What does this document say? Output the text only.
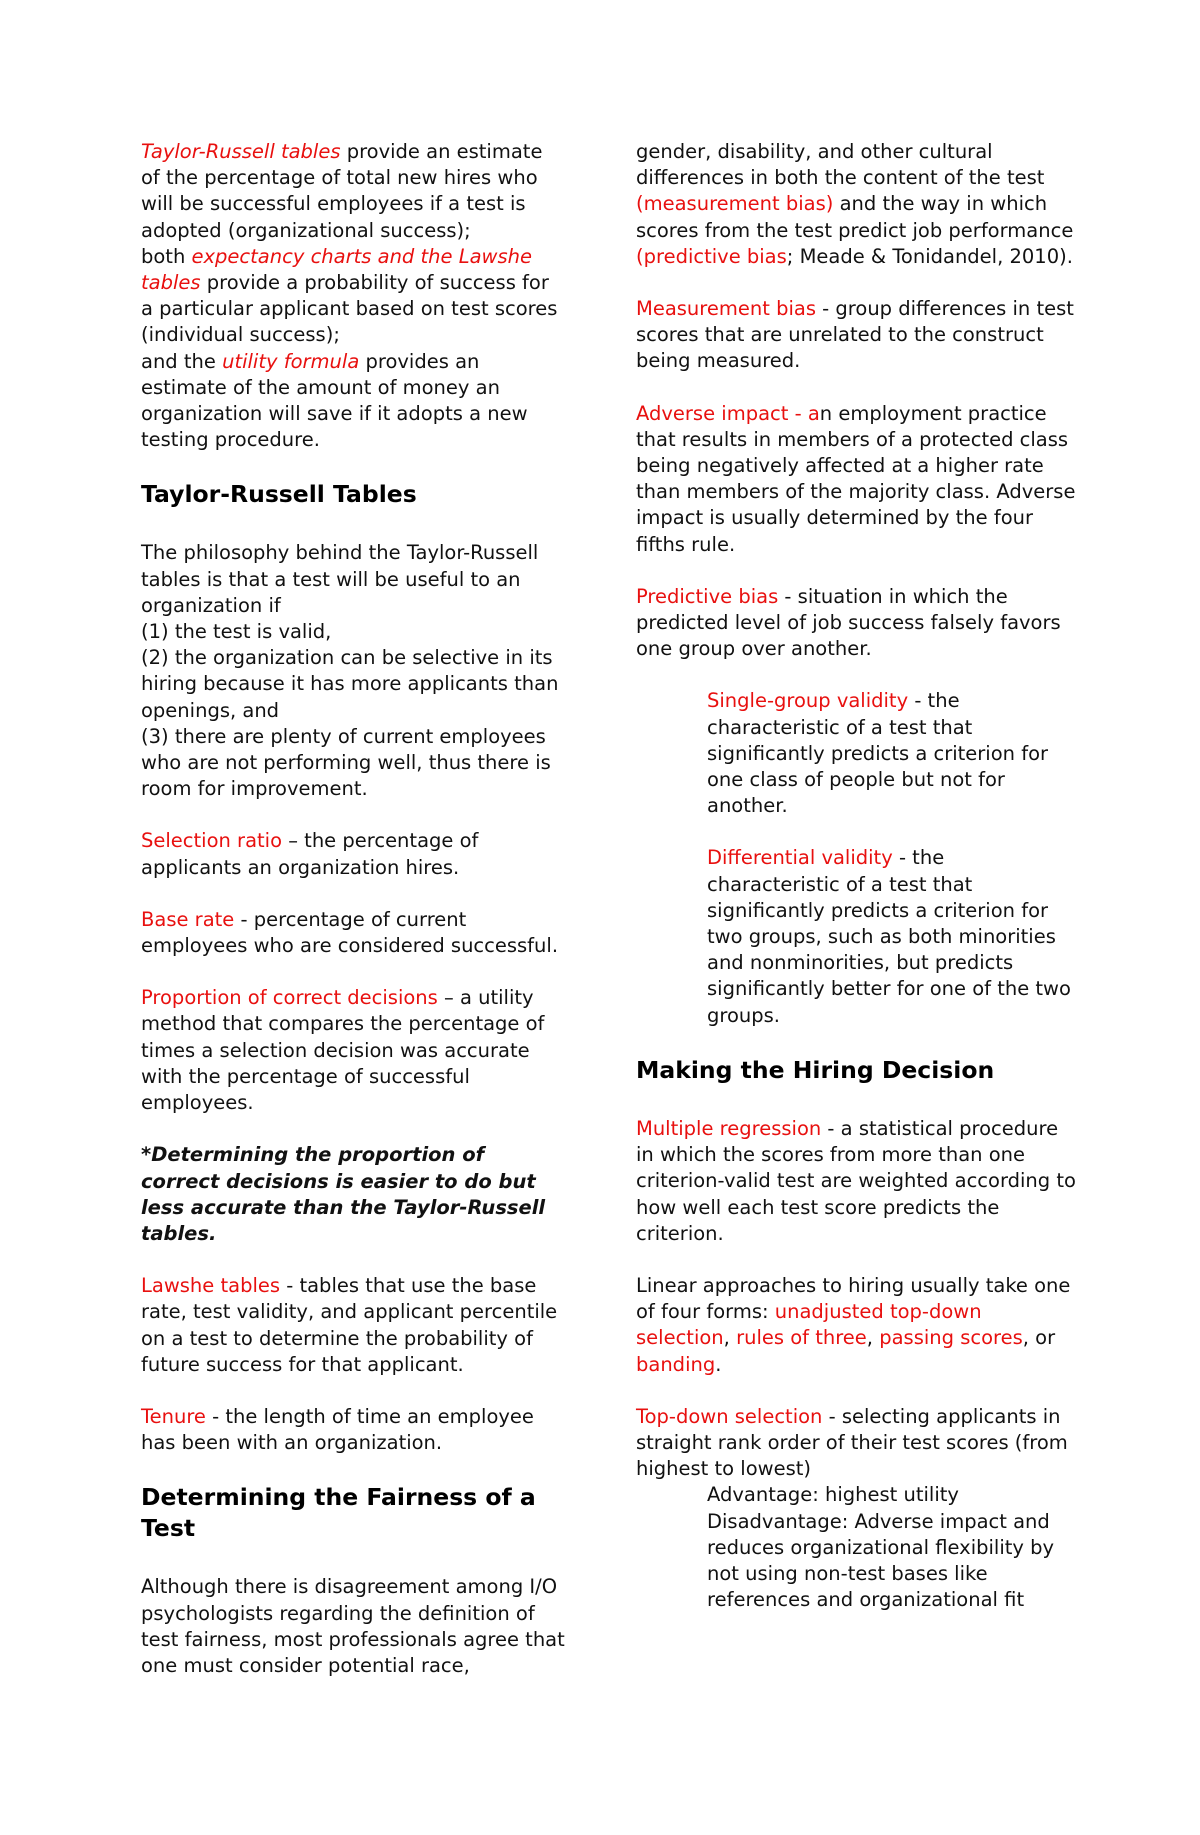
Taylor-Russell tables provide an estimate of the percentage of total new hires who will be successful employees if a test is adopted (organizational success);
both expectancy charts and the Lawshe tables provide a probability of success for a particular applicant based on test scores (individual success);
and the utility formula provides an estimate of the amount of money an organization will save if it adopts a new testing procedure.

Taylor-Russell Tables

The philosophy behind the Taylor-Russell tables is that a test will be useful to an organization if
(1) the test is valid,
(2) the organization can be selective in its hiring because it has more applicants than openings, and
(3) there are plenty of current employees who are not performing well, thus there is room for improvement.

Selection ratio – the percentage of applicants an organization hires.

Base rate - percentage of current employees who are considered successful.

Proportion of correct decisions – a utility method that compares the percentage of times a selection decision was accurate with the percentage of successful employees.

*Determining the proportion of correct decisions is easier to do but less accurate than the Taylor-Russell tables.

Lawshe tables - tables that use the base rate, test validity, and applicant percentile on a test to determine the probability of future success for that applicant.

Tenure - the length of time an employee has been with an organization.

Determining the Fairness of a Test

Although there is disagreement among I/O psychologists regarding the definition of test fairness, most professionals agree that one must consider potential race,

gender, disability, and other cultural differences in both the content of the test (measurement bias) and the way in which scores from the test predict job performance (predictive bias; Meade & Tonidandel, 2010).

Measurement bias - group differences in test scores that are unrelated to the construct being measured.

Adverse impact - an employment practice that results in members of a protected class being negatively affected at a higher rate than members of the majority class. Adverse impact is usually determined by the four fifths rule.

Predictive bias - situation in which the predicted level of job success falsely favors one group over another.

Single-group validity - the characteristic of a test that significantly predicts a criterion for one class of people but not for another.

Differential validity - the characteristic of a test that significantly predicts a criterion for two groups, such as both minorities and nonminorities, but predicts significantly better for one of the two groups.

Making the Hiring Decision

Multiple regression - a statistical procedure in which the scores from more than one criterion-valid test are weighted according to how well each test score predicts the criterion.

Linear approaches to hiring usually take one of four forms: unadjusted top-down selection, rules of three, passing scores, or banding.

Top-down selection - selecting applicants in straight rank order of their test scores (from highest to lowest)

Advantage: highest utility
Disadvantage: Adverse impact and reduces organizational flexibility by not using non-test bases like references and organizational fit
